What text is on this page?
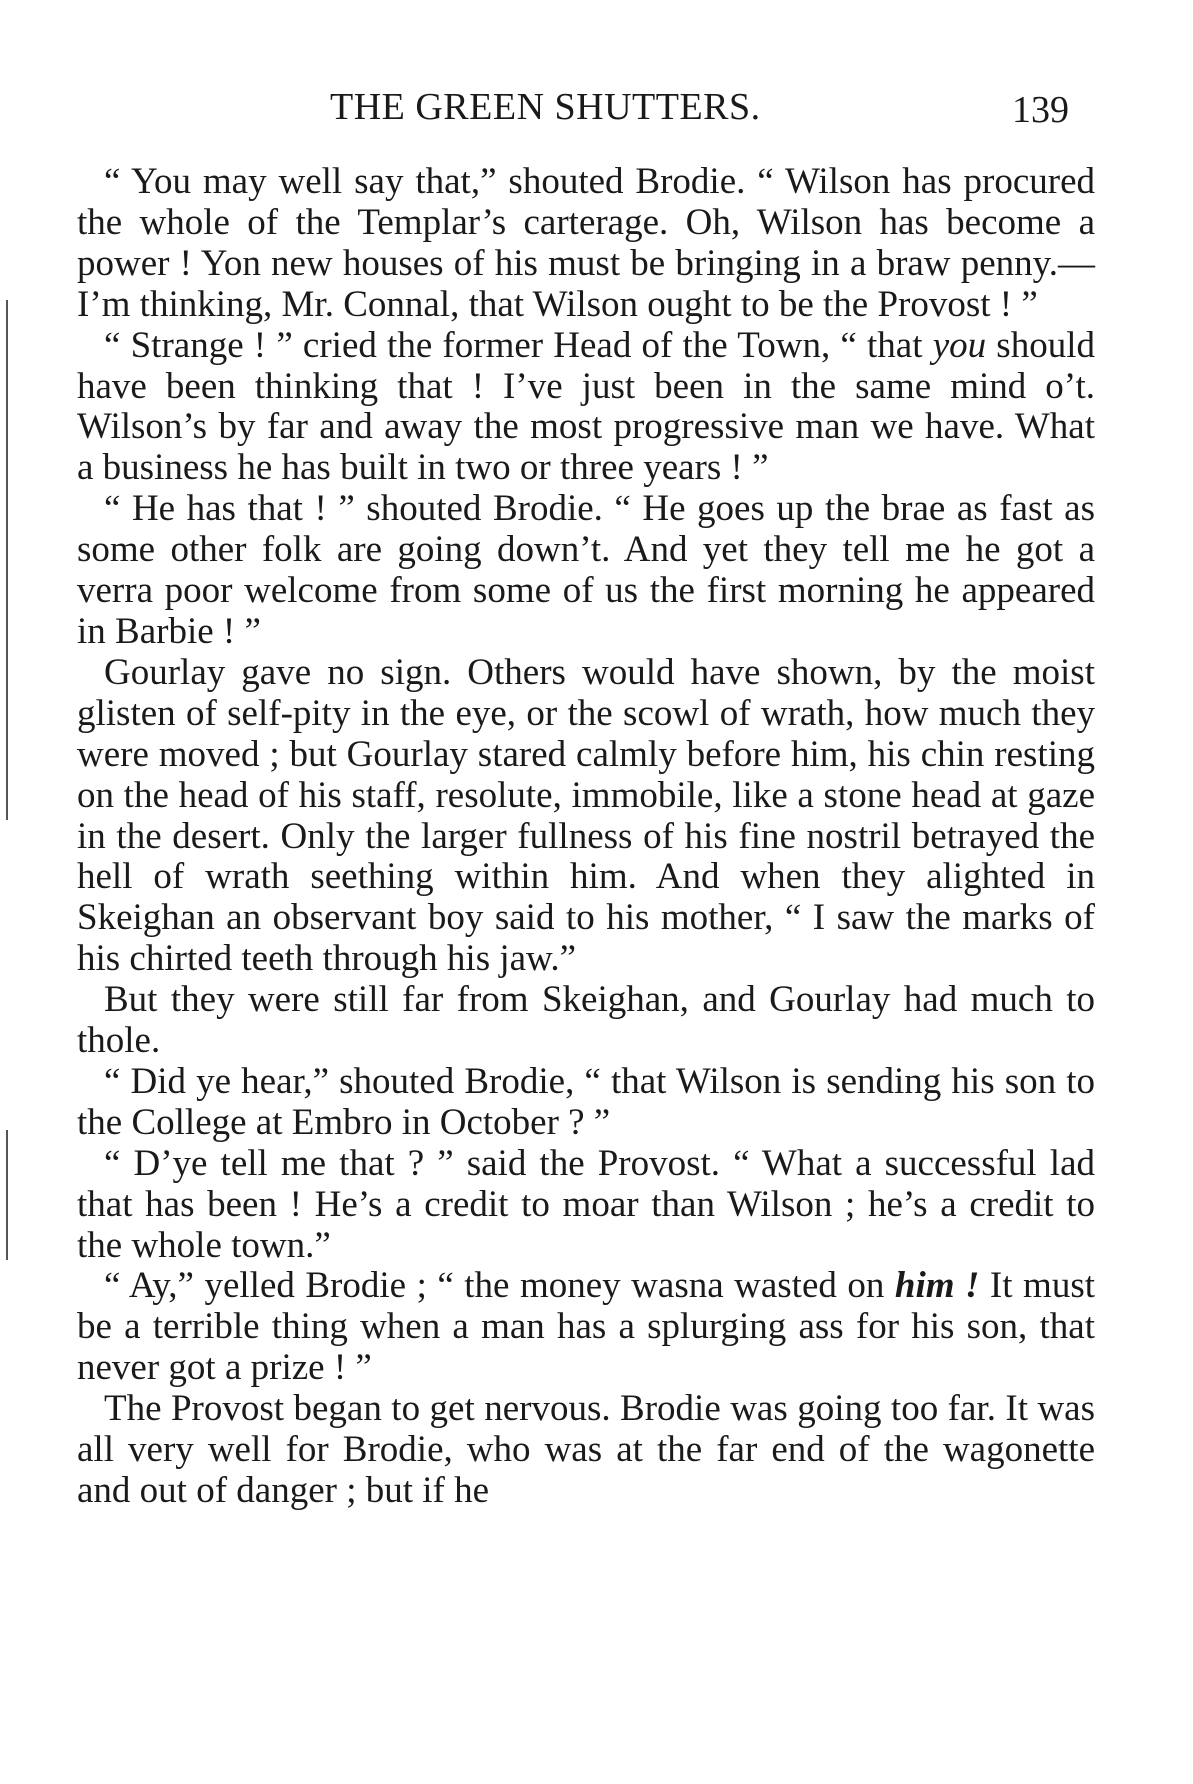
THE GREEN SHUTTERS.	139

“ You may well say that,” shouted Brodie. “ Wilson has procured the whole of the Templar’s carterage. Oh, Wilson has become a power ! Yon new houses of his must be bringing in a braw penny.—I’m thinking, Mr. Connal, that Wilson ought to be the Provost ! ”

“ Strange ! ” cried the former Head of the Town, “ that you should have been thinking that ! I’ve just been in the same mind o’t. Wilson’s by far and away the most progressive man we have. What a business he has built in two or three years ! ”

“ He has that ! ” shouted Brodie. “ He goes up the brae as fast as some other folk are going down’t. And yet they tell me he got a verra poor welcome from some of us the first morning he appeared in Barbie ! ”

Gourlay gave no sign. Others would have shown, by the moist glisten of self-pity in the eye, or the scowl of wrath, how much they were moved ; but Gourlay stared calmly before him, his chin resting on the head of his staff, resolute, immobile, like a stone head at gaze in the desert. Only the larger fullness of his fine nostril betrayed the hell of wrath seething within him. And when they alighted in Skeighan an observant boy said to his mother, “ I saw the marks of his chirted teeth through his jaw.”

But they were still far from Skeighan, and Gourlay had much to thole.

“ Did ye hear,” shouted Brodie, “ that Wilson is sending his son to the College at Embro in October ? ”

“ D’ye tell me that ? ” said the Provost. “ What a successful lad that has been ! He’s a credit to moar than Wilson ; he’s a credit to the whole town.”

“ Ay,” yelled Brodie ; “ the money wasna wasted on him ! It must be a terrible thing when a man has a splurging ass for his son, that never got a prize ! ”

The Provost began to get nervous. Brodie was going too far. It was all very well for Brodie, who was at the far end of the wagonette and out of danger ; but if he
